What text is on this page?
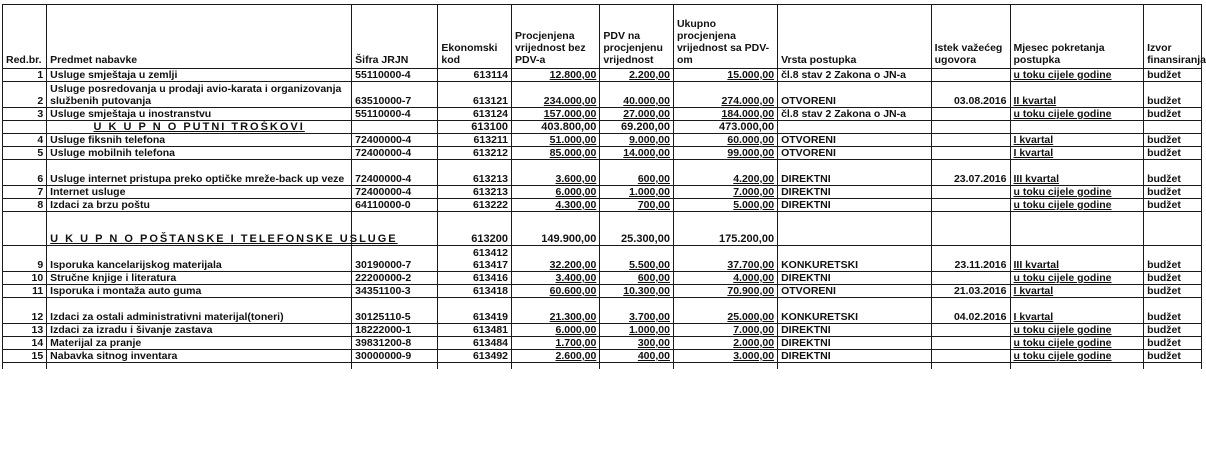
Red.br.	Predmet nabavke	Šifra JRJN	Ekonomski kod	Procjenjena vrijednost bez PDV-a	PDV na procjenjenu vrijednost	Ukupno procjenjena vrijednost sa PDV-om	Vrsta postupka	Istek važećeg ugovora	Mjesec pokretanja postupka	Izvor finansiranja
1	Usluge smještaja u zemlji	55110000-4	613114	12.800,00	2.200,00	15.000,00	čl.8 stav 2 Zakona o JN-a		u toku cijele godine	budžet
2	Usluge posredovanja u prodaji avio-karata i organizovanja službenih putovanja	63510000-7	613121	234.000,00	40.000,00	274.000,00	OTVORENI	03.08.2016	II kvartal	budžet
3	Usluge smještaja u inostranstvu	55110000-4	613124	157.000,00	27.000,00	184.000,00	čl.8 stav 2 Zakona o JN-a		u toku cijele godine	budžet
	U K U P N O PUTNI TROŠKOVI		613100	403.800,00	69.200,00	473.000,00				
4	Usluge fiksnih telefona	72400000-4	613211	51.000,00	9.000,00	60.000,00	OTVORENI		I kvartal	budžet
5	Usluge mobilnih telefona	72400000-4	613212	85.000,00	14.000,00	99.000,00	OTVORENI		I kvartal	budžet
6	Usluge internet pristupa preko optičke mreže-back up veze	72400000-4	613213	3.600,00	600,00	4.200,00	DIREKTNI	23.07.2016	III kvartal	budžet
7	Internet usluge	72400000-4	613213	6.000,00	1.000,00	7.000,00	DIREKTNI		u toku cijele godine	budžet
8	Izdaci za brzu poštu	64110000-0	613222	4.300,00	700,00	5.000,00	DIREKTNI		u toku cijele godine	budžet
	U K U P N O POŠTANSKE I TELEFONSKE USLUGE		613200	149.900,00	25.300,00	175.200,00				
9	Isporuka kancelarijskog materijala	30190000-7	613412 613417	32.200,00	5.500,00	37.700,00	KONKURETSKI	23.11.2016	III kvartal	budžet
10	Stručne knjige i literatura	22200000-2	613416	3.400,00	600,00	4.000,00	DIREKTNI		u toku cijele godine	budžet
11	Isporuka i montaža auto guma	34351100-3	613418	60.600,00	10.300,00	70.900,00	OTVORENI	21.03.2016	I kvartal	budžet
12	Izdaci za ostali administrativni materijal(toneri)	30125110-5	613419	21.300,00	3.700,00	25.000,00	KONKURETSKI	04.02.2016	I kvartal	budžet
13	Izdaci za izradu i šivanje zastava	18222000-1	613481	6.000,00	1.000,00	7.000,00	DIREKTNI		u toku cijele godine	budžet
14	Materijal za pranje	39831200-8	613484	1.700,00	300,00	2.000,00	DIREKTNI		u toku cijele godine	budžet
15	Nabavka sitnog inventara	30000000-9	613492	2.600,00	400,00	3.000,00	DIREKTNI		u toku cijele godine	budžet
